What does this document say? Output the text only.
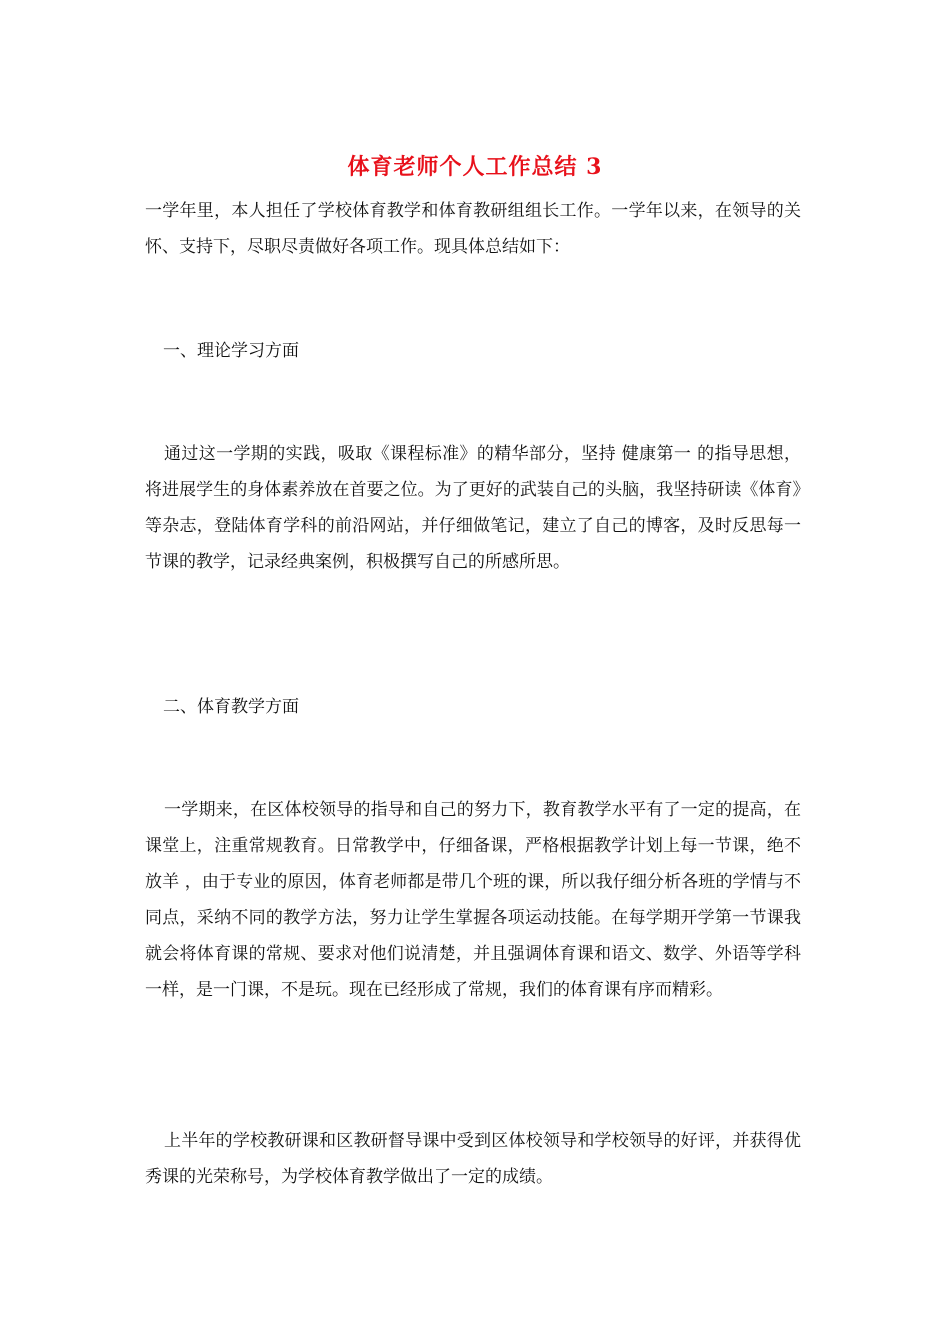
体育老师个人工作总结 3

一学年里，本人担任了学校体育教学和体育教研组组长工作。一学年以来，在领导的关怀、支持下，尽职尽责做好各项工作。现具体总结如下：

一、理论学习方面

通过这一学期的实践，吸取《课程标准》的精华部分，坚持 健康第一 的指导思想，将进展学生的身体素养放在首要之位。为了更好的武装自己的头脑，我坚持研读《体育》等杂志，登陆体育学科的前沿网站，并仔细做笔记，建立了自己的博客，及时反思每一节课的教学，记录经典案例，积极撰写自己的所感所思。

二、体育教学方面

一学期来，在区体校领导的指导和自己的努力下，教育教学水平有了一定的提高，在课堂上，注重常规教育。日常教学中，仔细备课，严格根据教学计划上每一节课，绝不 放羊 ，由于专业的原因，体育老师都是带几个班的课，所以我仔细分析各班的学情与不同点，采纳不同的教学方法，努力让学生掌握各项运动技能。在每学期开学第一节课我就会将体育课的常规、要求对他们说清楚，并且强调体育课和语文、数学、外语等学科一样，是一门课，不是玩。现在已经形成了常规，我们的体育课有序而精彩。

上半年的学校教研课和区教研督导课中受到区体校领导和学校领导的好评，并获得优秀课的光荣称号，为学校体育教学做出了一定的成绩。
